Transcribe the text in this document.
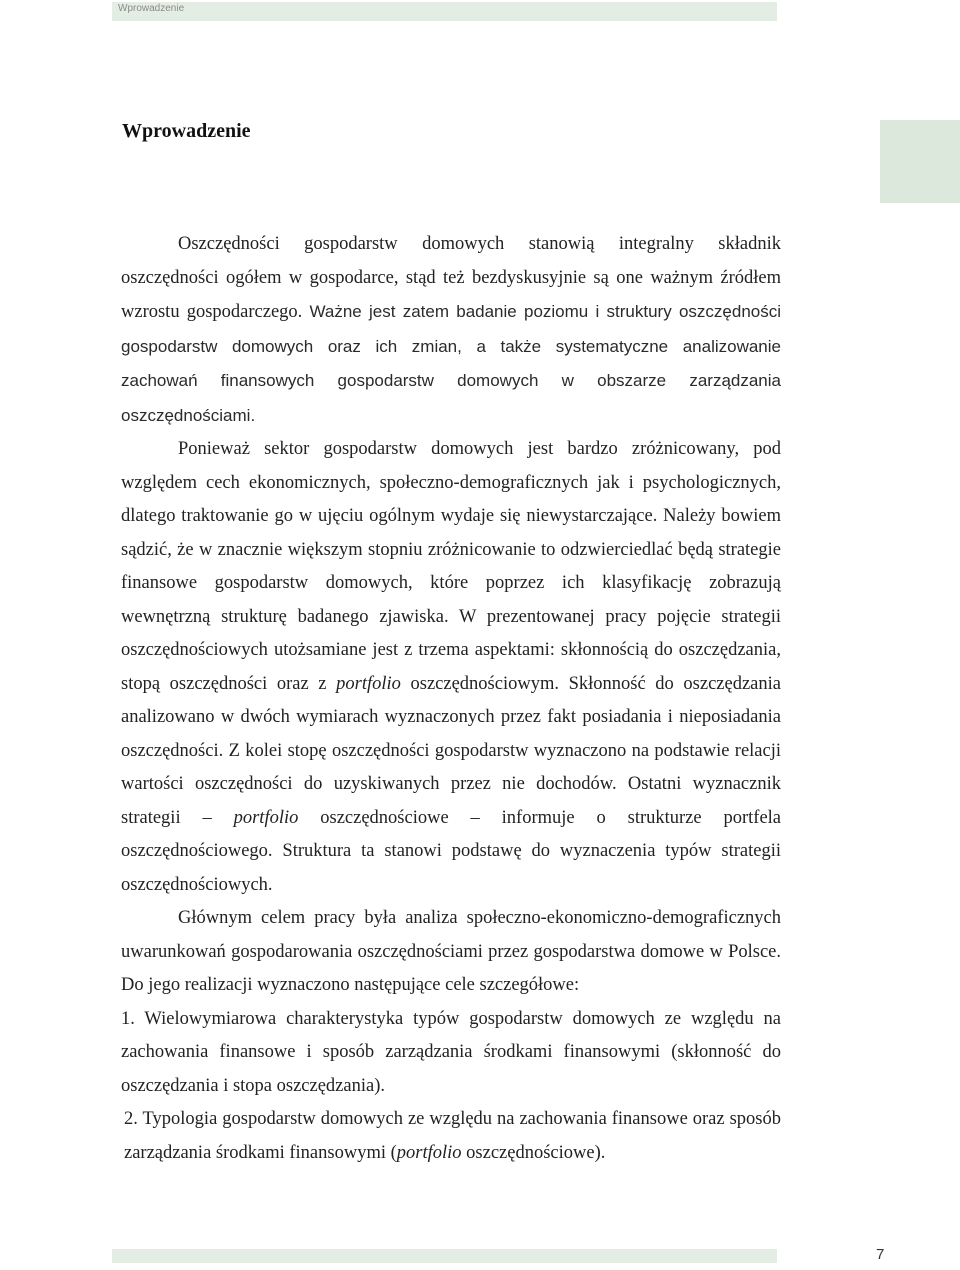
Wprowadzenie
Wprowadzenie

Oszczędności gospodarstw domowych stanowią integralny składnik oszczędności ogółem w gospodarce, stąd też bezdyskusyjnie są one ważnym źródłem wzrostu gospodarczego. Ważne jest zatem badanie poziomu i struktury oszczędności gospodarstw domowych oraz ich zmian, a także systematyczne analizowanie zachowań finansowych gospodarstw domowych w obszarze zarządzania oszczędnościami.

Ponieważ sektor gospodarstw domowych jest bardzo zróżnicowany, pod względem cech ekonomicznych, społeczno-demograficznych jak i psychologicznych, dlatego traktowanie go w ujęciu ogólnym wydaje się niewystarczające. Należy bowiem sądzić, że w znacznie większym stopniu zróżnicowanie to odzwierciedlać będą strategie finansowe gospodarstw domowych, które poprzez ich klasyfikację zobrazują wewnętrzną strukturę badanego zjawiska. W prezentowanej pracy pojęcie strategii oszczędnościowych utożsamiane jest z trzema aspektami: skłonnością do oszczędzania, stopą oszczędności oraz z portfolio oszczędnościowym. Skłonność do oszczędzania analizowano w dwóch wymiarach wyznaczonych przez fakt posiadania i nieposiadania oszczędności. Z kolei stopę oszczędności gospodarstw wyznaczono na podstawie relacji wartości oszczędności do uzyskiwanych przez nie dochodów. Ostatni wyznacznik strategii – portfolio oszczędnościowe – informuje o strukturze portfela oszczędnościowego. Struktura ta stanowi podstawę do wyznaczenia typów strategii oszczędnościowych.

Głównym celem pracy była analiza społeczno-ekonomiczno-demograficznych uwarunkowań gospodarowania oszczędnościami przez gospodarstwa domowe w Polsce. Do jego realizacji wyznaczono następujące cele szczegółowe:

1. Wielowymiarowa charakterystyka typów gospodarstw domowych ze względu na zachowania finansowe i sposób zarządzania środkami finansowymi (skłonność do oszczędzania i stopa oszczędzania).

2. Typologia gospodarstw domowych ze względu na zachowania finansowe oraz sposób zarządzania środkami finansowymi (portfolio oszczędnościowe).

7
